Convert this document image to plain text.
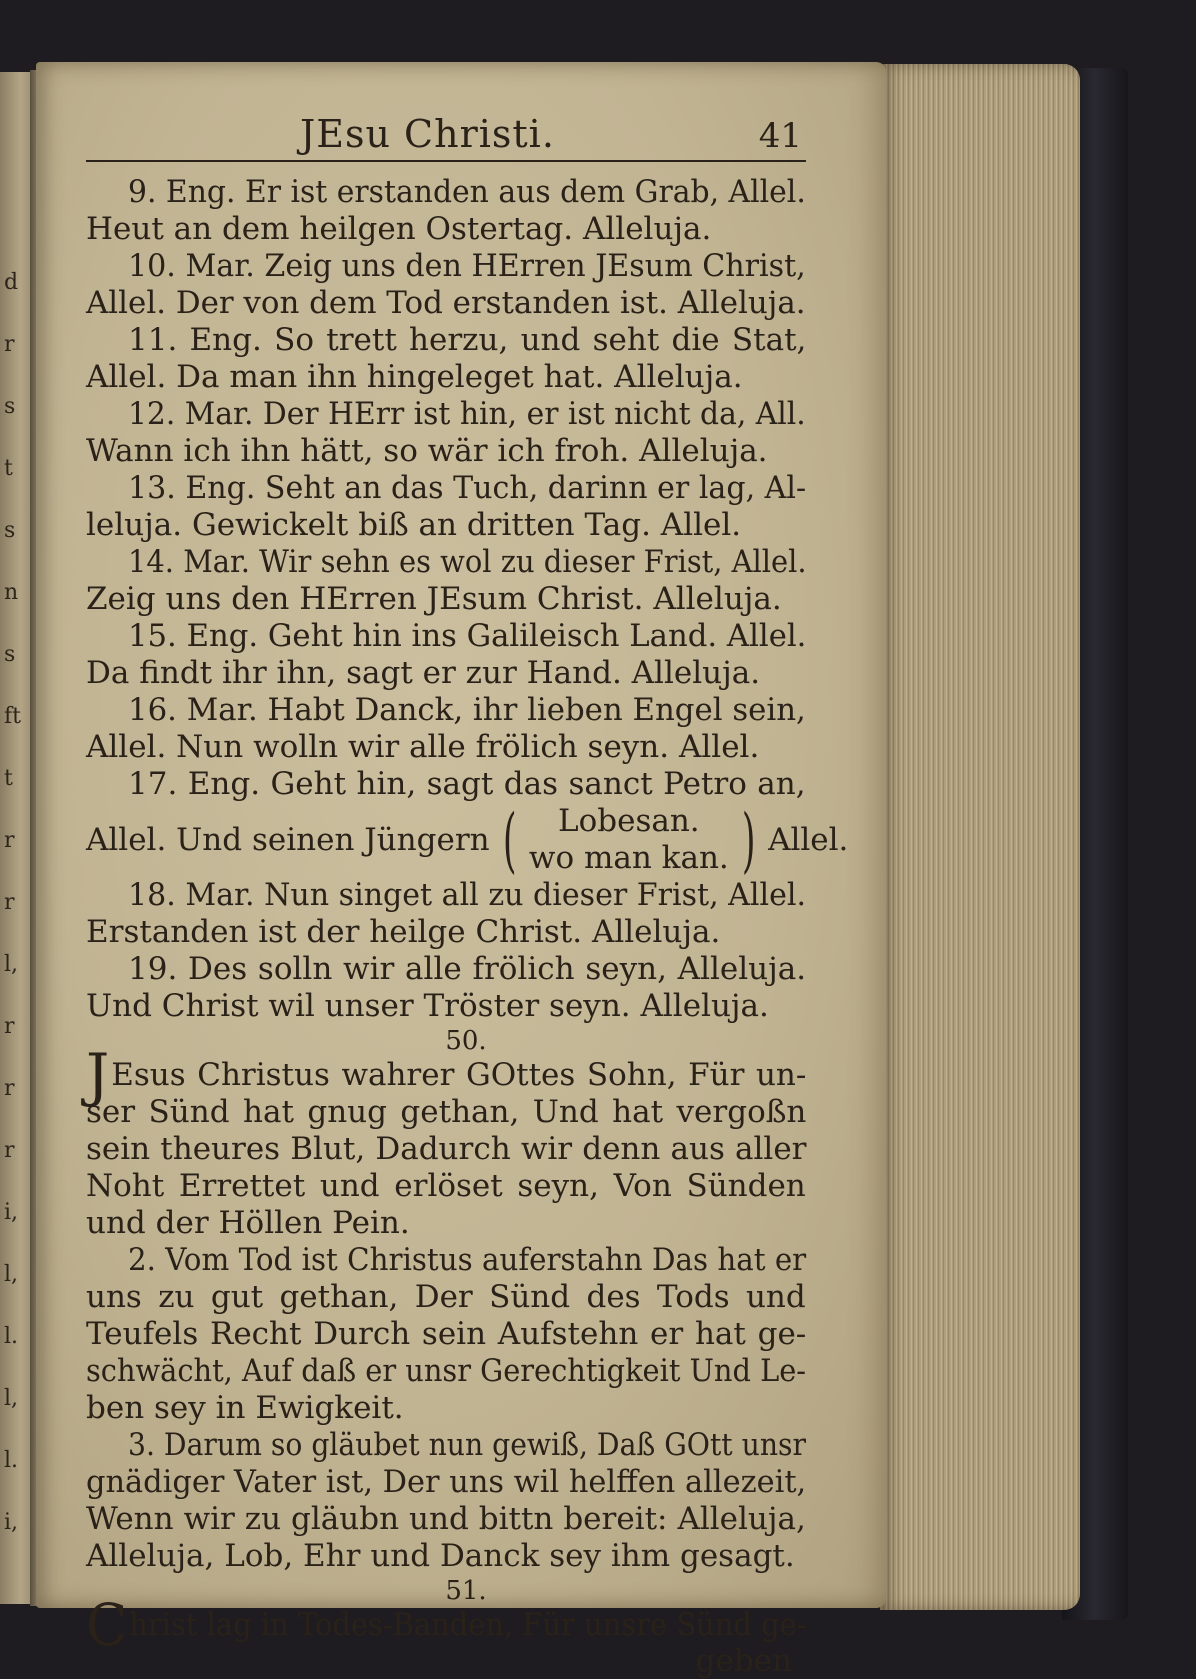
d
r
s
t
s
n
s
ft
t
r
r
l,
r
r
r
i,
l,
l.
l,
l.
i,
JEsu Christi.	41
9. Eng. Er ist erstanden aus dem Grab, Allel.
Heut an dem heilgen Ostertag. Alleluja.
10. Mar. Zeig uns den HErren JEsum Christ,
Allel. Der von dem Tod erstanden ist. Alleluja.
11. Eng. So trett herzu, und seht die Stat,
Allel. Da man ihn hingeleget hat. Alleluja.
12. Mar. Der HErr ist hin, er ist nicht da, All.
Wann ich ihn hätt, so wär ich froh. Alleluja.
13. Eng. Seht an das Tuch, darinn er lag, Al-
leluja. Gewickelt biß an dritten Tag. Allel.
14. Mar. Wir sehn es wol zu dieser Frist, Allel.
Zeig uns den HErren JEsum Christ. Alleluja.
15. Eng. Geht hin ins Galileisch Land. Allel.
Da findt ihr ihn, sagt er zur Hand. Alleluja.
16. Mar. Habt Danck, ihr lieben Engel sein,
Allel. Nun wolln wir alle frölich seyn. Allel.
17. Eng. Geht hin, sagt das sanct Petro an,
Allel. Und seinen Jüngern ( Lobesan.
wo man kan. ) Allel.
18. Mar. Nun singet all zu dieser Frist, Allel.
Erstanden ist der heilge Christ. Alleluja.
19. Des solln wir alle frölich seyn, Alleluja.
Und Christ wil unser Tröster seyn. Alleluja.
50.
JEsus Christus wahrer GOttes Sohn, Für un-
ser Sünd hat gnug gethan, Und hat vergoßn
sein theures Blut, Dadurch wir denn aus aller
Noht Errettet und erlöset seyn, Von Sünden
und der Höllen Pein.
2. Vom Tod ist Christus auferstahn Das hat er
uns zu gut gethan, Der Sünd des Tods und
Teufels Recht Durch sein Aufstehn er hat ge-
schwächt, Auf daß er unsr Gerechtigkeit Und Le-
ben sey in Ewigkeit.
3. Darum so gläubet nun gewiß, Daß GOtt unsr
gnädiger Vater ist, Der uns wil helffen allezeit,
Wenn wir zu gläubn und bittn bereit: Alleluja,
Alleluja, Lob, Ehr und Danck sey ihm gesagt.
51.
Christ lag in Todes-Banden, Für unsre Sünd ge-
geben
